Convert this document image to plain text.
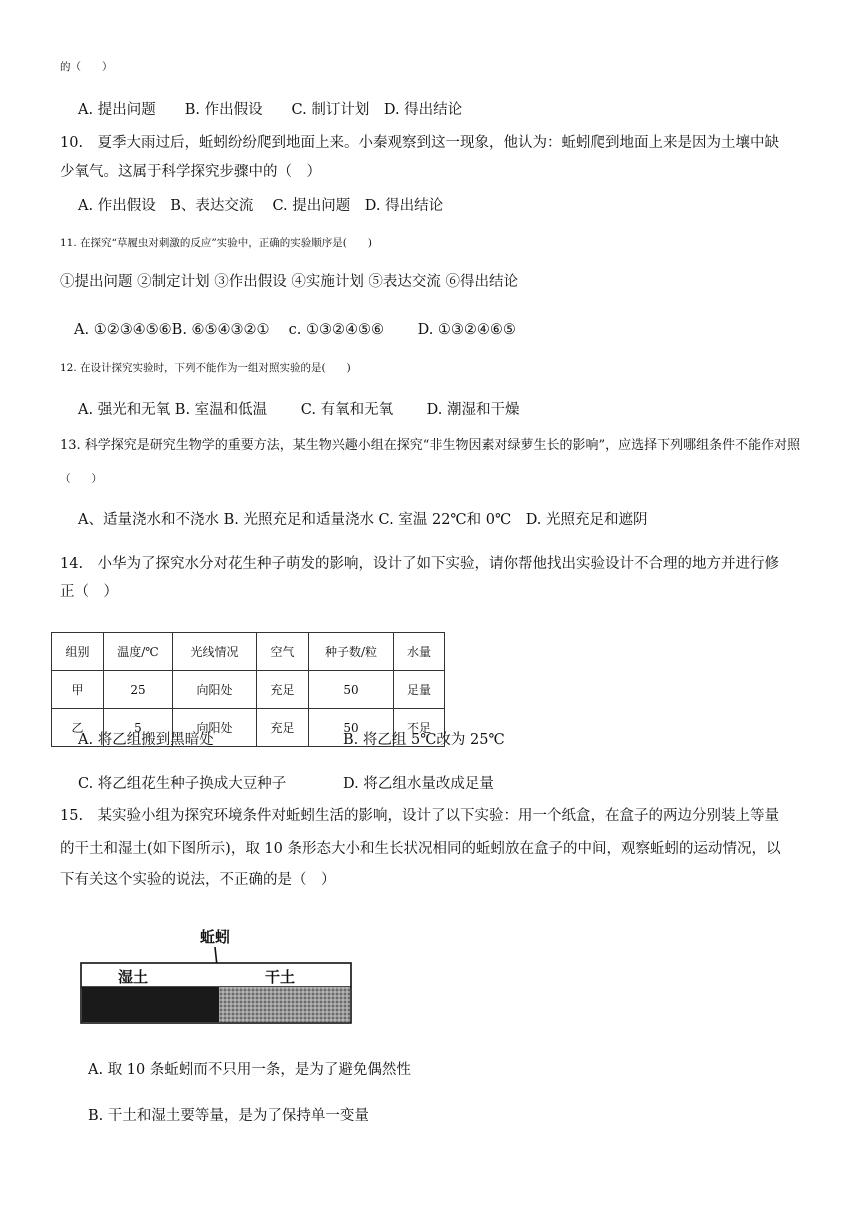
的（　　）
A. 提出问题　　B. 作出假设　　C. 制订计划　D. 得出结论
10.　夏季大雨过后，蚯蚓纷纷爬到地面上来。小秦观察到这一现象，他认为：蚯蚓爬到地面上来是因为土壤中缺
少氧气。这属于科学探究步骤中的（　）
A. 作出假设　B、表达交流　 C. 提出问题　D. 得出结论
11. 在探究“草履虫对刺激的反应”实验中，正确的实验顺序是(　　)
①提出问题 ②制定计划 ③作出假设 ④实施计划 ⑤表达交流 ⑥得出结论
A. ①②③④⑤⑥B. ⑥⑤④③②①　 c. ①③②④⑤⑥　　 D. ①③②④⑥⑤
12. 在设计探究实验时，下列不能作为一组对照实验的是(　　)
A. 强光和无氧 B. 室温和低温　　 C. 有氧和无氧　　 D. 潮湿和干燥
13. 科学探究是研究生物学的重要方法，某生物兴趣小组在探究“非生物因素对绿萝生长的影响”，应选择下列哪组条件不能作对照
（　　）
A、适量浇水和不浇水 B. 光照充足和适量浇水 C. 室温 22℃和 0℃　D. 光照充足和遮阴
14.　小华为了探究水分对花生种子萌发的影响，设计了如下实验，请你帮他找出实验设计不合理的地方并进行修
正（　）
组别	温度/℃	光线情况	空气	种子数/粒	水量
甲	25	向阳处	充足	50	足量
乙	5	向阳处	充足	50	不足
A. 将乙组搬到黑暗处	B. 将乙组 5℃改为 25℃
C. 将乙组花生种子换成大豆种子	D. 将乙组水量改成足量
15.　某实验小组为探究环境条件对蚯蚓生活的影响，设计了以下实验：用一个纸盒，在盒子的两边分别装上等量
的干土和湿土(如下图所示)，取 10 条形态大小和生长状况相同的蚯蚓放在盒子的中间，观察蚯蚓的运动情况，以
下有关这个实验的说法，不正确的是（　）
蚯蚓
湿土	干土
A. 取 10 条蚯蚓而不只用一条，是为了避免偶然性
B. 干土和湿土要等量，是为了保持单一变量
